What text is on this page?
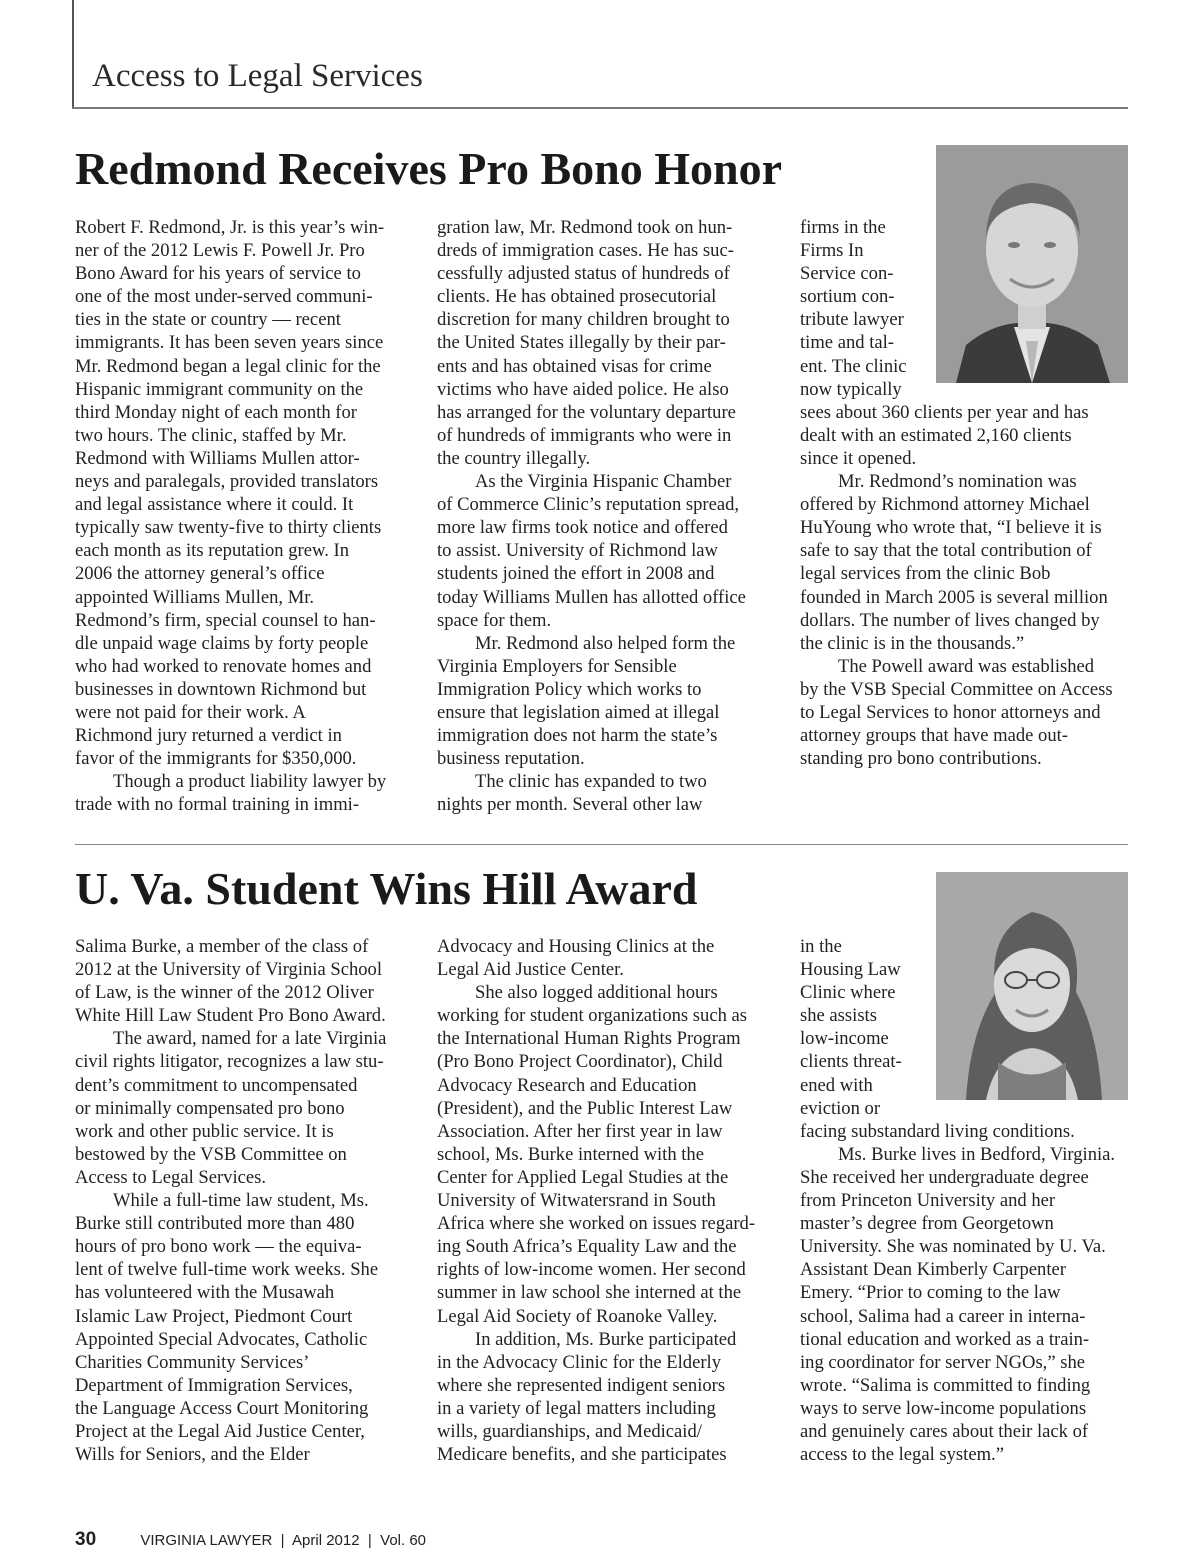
Access to Legal Services
Redmond Receives Pro Bono Honor
Robert F. Redmond, Jr. is this year’s win-
ner of the 2012 Lewis F. Powell Jr. Pro
Bono Award for his years of service to
one of the most under-served communi-
ties in the state or country — recent
immigrants. It has been seven years since
Mr. Redmond began a legal clinic for the
Hispanic immigrant community on the
third Monday night of each month for
two hours. The clinic, staffed by Mr.
Redmond with Williams Mullen attor-
neys and paralegals, provided translators
and legal assistance where it could. It
typically saw twenty-five to thirty clients
each month as its reputation grew. In
2006 the attorney general’s office
appointed Williams Mullen, Mr.
Redmond’s firm, special counsel to han-
dle unpaid wage claims by forty people
who had worked to renovate homes and
businesses in downtown Richmond but
were not paid for their work. A
Richmond jury returned a verdict in
favor of the immigrants for $350,000.
Though a product liability lawyer by
trade with no formal training in immi-
gration law, Mr. Redmond took on hun-
dreds of immigration cases. He has suc-
cessfully adjusted status of hundreds of
clients. He has obtained prosecutorial
discretion for many children brought to
the United States illegally by their par-
ents and has obtained visas for crime
victims who have aided police. He also
has arranged for the voluntary departure
of hundreds of immigrants who were in
the country illegally.
As the Virginia Hispanic Chamber
of Commerce Clinic’s reputation spread,
more law firms took notice and offered
to assist. University of Richmond law
students joined the effort in 2008 and
today Williams Mullen has allotted office
space for them.
Mr. Redmond also helped form the
Virginia Employers for Sensible
Immigration Policy which works to
ensure that legislation aimed at illegal
immigration does not harm the state’s
business reputation.
The clinic has expanded to two
nights per month. Several other law
firms in the
Firms In
Service con-
sortium con-
tribute lawyer
time and tal-
ent. The clinic
now typically
sees about 360 clients per year and has
dealt with an estimated 2,160 clients
since it opened.
Mr. Redmond’s nomination was
offered by Richmond attorney Michael
HuYoung who wrote that, “I believe it is
safe to say that the total contribution of
legal services from the clinic Bob
founded in March 2005 is several million
dollars. The number of lives changed by
the clinic is in the thousands.”
The Powell award was established
by the VSB Special Committee on Access
to Legal Services to honor attorneys and
attorney groups that have made out-
standing pro bono contributions.
U. Va. Student Wins Hill Award
Salima Burke, a member of the class of
2012 at the University of Virginia School
of Law, is the winner of the 2012 Oliver
White Hill Law Student Pro Bono Award.
The award, named for a late Virginia
civil rights litigator, recognizes a law stu-
dent’s commitment to uncompensated
or minimally compensated pro bono
work and other public service. It is
bestowed by the VSB Committee on
Access to Legal Services.
While a full-time law student, Ms.
Burke still contributed more than 480
hours of pro bono work — the equiva-
lent of twelve full-time work weeks. She
has volunteered with the Musawah
Islamic Law Project, Piedmont Court
Appointed Special Advocates, Catholic
Charities Community Services’
Department of Immigration Services,
the Language Access Court Monitoring
Project at the Legal Aid Justice Center,
Wills for Seniors, and the Elder
Advocacy and Housing Clinics at the
Legal Aid Justice Center.
She also logged additional hours
working for student organizations such as
the International Human Rights Program
(Pro Bono Project Coordinator), Child
Advocacy Research and Education
(President), and the Public Interest Law
Association. After her first year in law
school, Ms. Burke interned with the
Center for Applied Legal Studies at the
University of Witwatersrand in South
Africa where she worked on issues regard-
ing South Africa’s Equality Law and the
rights of low-income women. Her second
summer in law school she interned at the
Legal Aid Society of Roanoke Valley.
In addition, Ms. Burke participated
in the Advocacy Clinic for the Elderly
where she represented indigent seniors
in a variety of legal matters including
wills, guardianships, and Medicaid/
Medicare benefits, and she participates
in the
Housing Law
Clinic where
she assists
low-income
clients threat-
ened with
eviction or
facing substandard living conditions.
Ms. Burke lives in Bedford, Virginia.
She received her undergraduate degree
from Princeton University and her
master’s degree from Georgetown
University. She was nominated by U. Va.
Assistant Dean Kimberly Carpenter
Emery. “Prior to coming to the law
school, Salima had a career in interna-
tional education and worked as a train-
ing coordinator for server NGOs,” she
wrote. “Salima is committed to finding
ways to serve low-income populations
and genuinely cares about their lack of
access to the legal system.”
30	VIRGINIA LAWYER  |  April 2012  |  Vol. 60
